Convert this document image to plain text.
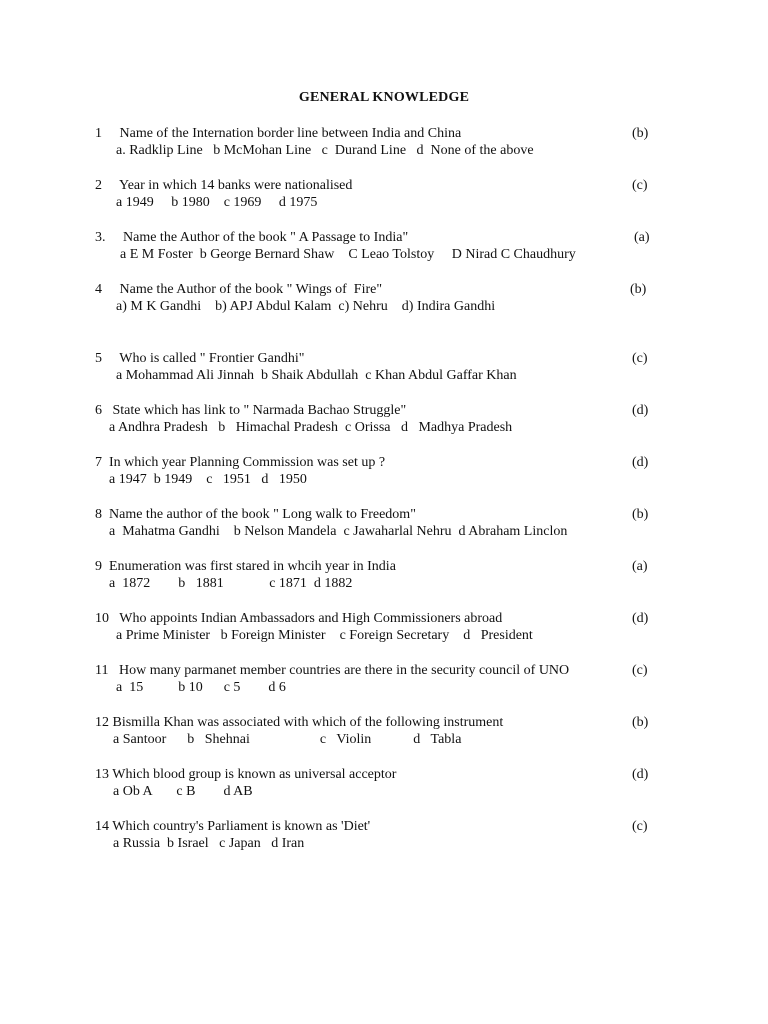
GENERAL KNOWLEDGE
1     Name of the Internation border line between India and China
a. Radklip Line   b McMohan Line   c  Durand Line   d  None of the above
(b)
2     Year in which 14 banks were nationalised
a 1949     b 1980    c 1969     d 1975
(c)
3.     Name the Author of the book " A Passage to India"
a E M Foster  b George Bernard Shaw    C Leao Tolstoy     D Nirad C Chaudhury
(a)
4     Name the Author of the book " Wings of  Fire"
a) M K Gandhi    b) APJ Abdul Kalam  c) Nehru    d) Indira Gandhi
(b)
5     Who is called " Frontier Gandhi"
a Mohammad Ali Jinnah  b Shaik Abdullah  c Khan Abdul Gaffar Khan
(c)
6   State which has link to " Narmada Bachao Struggle"
a Andhra Pradesh   b   Himachal Pradesh  c Orissa   d   Madhya Pradesh
(d)
7  In which year Planning Commission was set up ?
a 1947  b 1949    c   1951   d   1950
(d)
8  Name the author of the book " Long walk to Freedom"
a  Mahatma Gandhi    b Nelson Mandela  c Jawaharlal Nehru  d Abraham Linclon
(b)
9  Enumeration was first stared in whcih year in India
a  1872        b   1881             c 1871  d 1882
(a)
10   Who appoints Indian Ambassadors and High Commissioners abroad
a Prime Minister   b Foreign Minister    c Foreign Secretary    d   President
(d)
11   How many parmanet member countries are there in the security council of UNO
a  15          b 10      c 5        d 6
(c)
12 Bismilla Khan was associated with which of the following instrument
a Santoor      b   Shehnai                    c   Violin            d   Tabla
(b)
13 Which blood group is known as universal acceptor
a Ob A       c B        d AB
(d)
14 Which country's Parliament is known as 'Diet'
a Russia  b Israel   c Japan   d Iran
(c)
